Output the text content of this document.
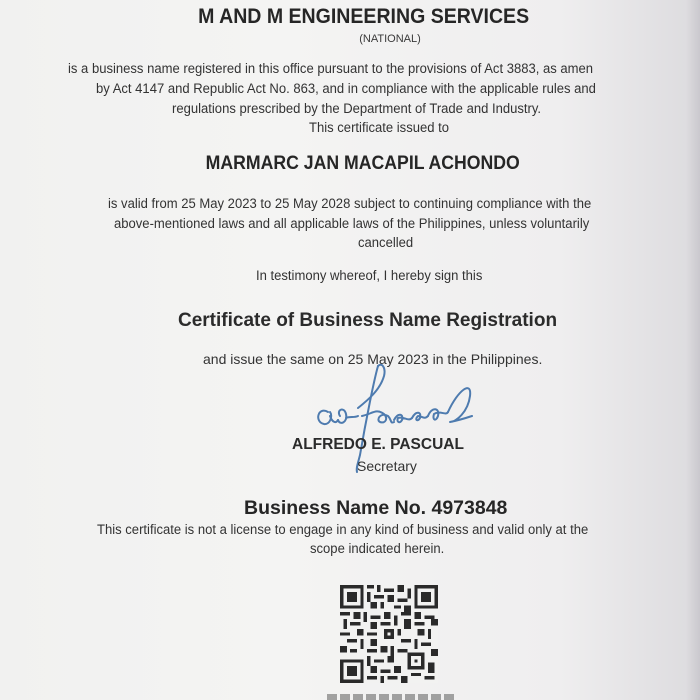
M AND M ENGINEERING SERVICES
(NATIONAL)
is a business name registered in this office pursuant to the provisions of Act 3883, as amen
by Act 4147 and Republic Act No. 863, and in compliance with the applicable rules and
regulations prescribed by the Department of Trade and Industry.
This certificate issued to
MARMARC JAN MACAPIL ACHONDO
is valid from 25 May 2023 to 25 May 2028 subject to continuing compliance with the
above-mentioned laws and all applicable laws of the Philippines, unless voluntarily
cancelled
In testimony whereof, I hereby sign this
Certificate of Business Name Registration
and issue the same on 25 May 2023 in the Philippines.
ALFREDO E. PASCUAL
Secretary
Business Name No. 4973848
This certificate is not a license to engage in any kind of business and valid only at the
scope indicated herein.
